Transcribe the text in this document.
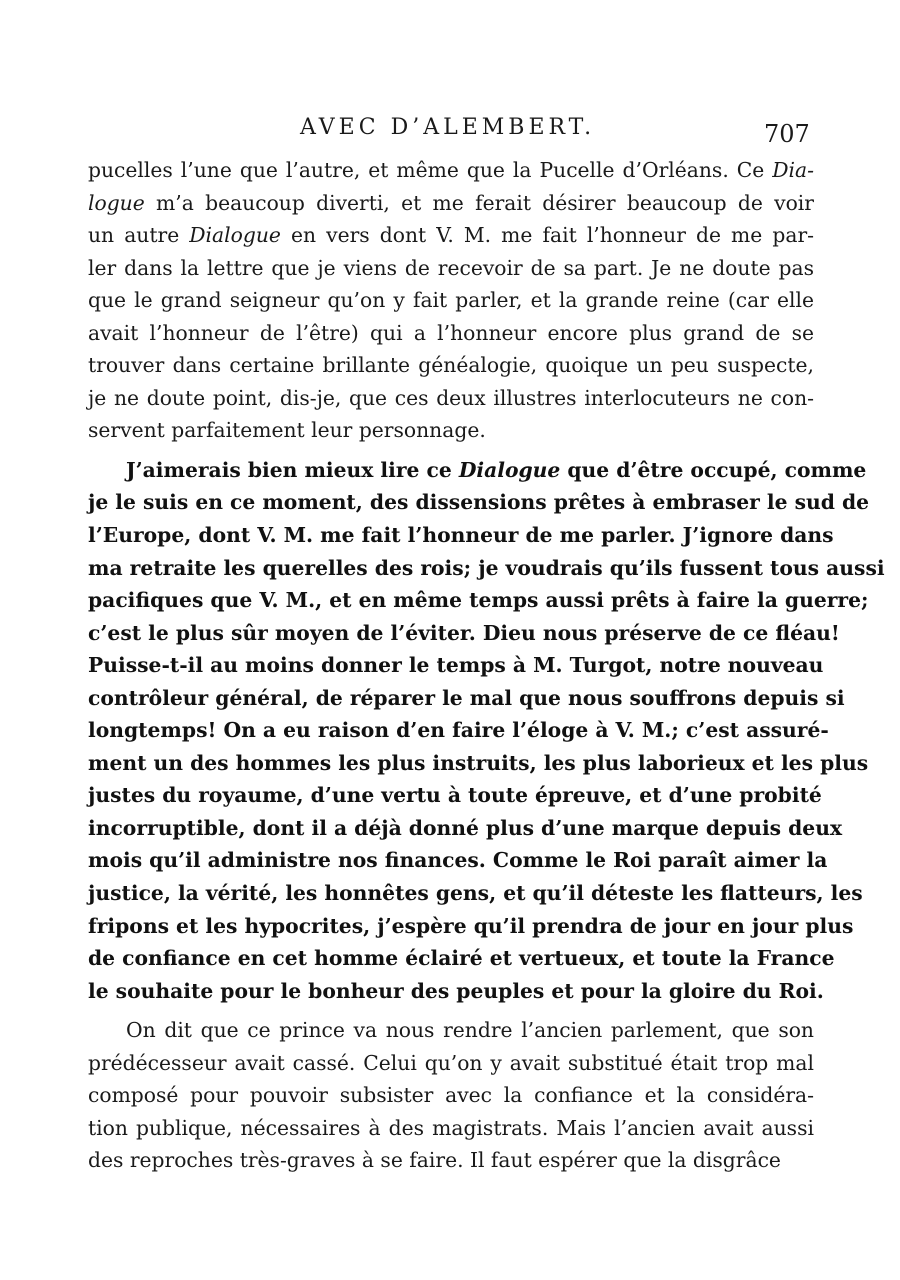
AVEC D’ALEMBERT.	707
pucelles l’une que l’autre, et même que la Pucelle d’Orléans. Ce Dia-
logue m’a beaucoup diverti, et me ferait désirer beaucoup de voir
un autre Dialogue en vers dont V. M. me fait l’honneur de me par-
ler dans la lettre que je viens de recevoir de sa part. Je ne doute pas
que le grand seigneur qu’on y fait parler, et la grande reine (car elle
avait l’honneur de l’être) qui a l’honneur encore plus grand de se
trouver dans certaine brillante généalogie, quoique un peu suspecte,
je ne doute point, dis-je, que ces deux illustres interlocuteurs ne con-
servent parfaitement leur personnage.
J’aimerais bien mieux lire ce Dialogue que d’être occupé, comme
je le suis en ce moment, des dissensions prêtes à embraser le sud de
l’Europe, dont V. M. me fait l’honneur de me parler. J’ignore dans
ma retraite les querelles des rois; je voudrais qu’ils fussent tous aussi
pacifiques que V. M., et en même temps aussi prêts à faire la guerre;
c’est le plus sûr moyen de l’éviter. Dieu nous préserve de ce fléau!
Puisse-t-il au moins donner le temps à M. Turgot, notre nouveau
contrôleur général, de réparer le mal que nous souffrons depuis si
longtemps! On a eu raison d’en faire l’éloge à V. M.; c’est assuré-
ment un des hommes les plus instruits, les plus laborieux et les plus
justes du royaume, d’une vertu à toute épreuve, et d’une probité
incorruptible, dont il a déjà donné plus d’une marque depuis deux
mois qu’il administre nos finances. Comme le Roi paraît aimer la
justice, la vérité, les honnêtes gens, et qu’il déteste les flatteurs, les
fripons et les hypocrites, j’espère qu’il prendra de jour en jour plus
de confiance en cet homme éclairé et vertueux, et toute la France
le souhaite pour le bonheur des peuples et pour la gloire du Roi.
On dit que ce prince va nous rendre l’ancien parlement, que son
prédécesseur avait cassé. Celui qu’on y avait substitué était trop mal
composé pour pouvoir subsister avec la confiance et la considéra-
tion publique, nécessaires à des magistrats. Mais l’ancien avait aussi
des reproches très-graves à se faire. Il faut espérer que la disgrâce
